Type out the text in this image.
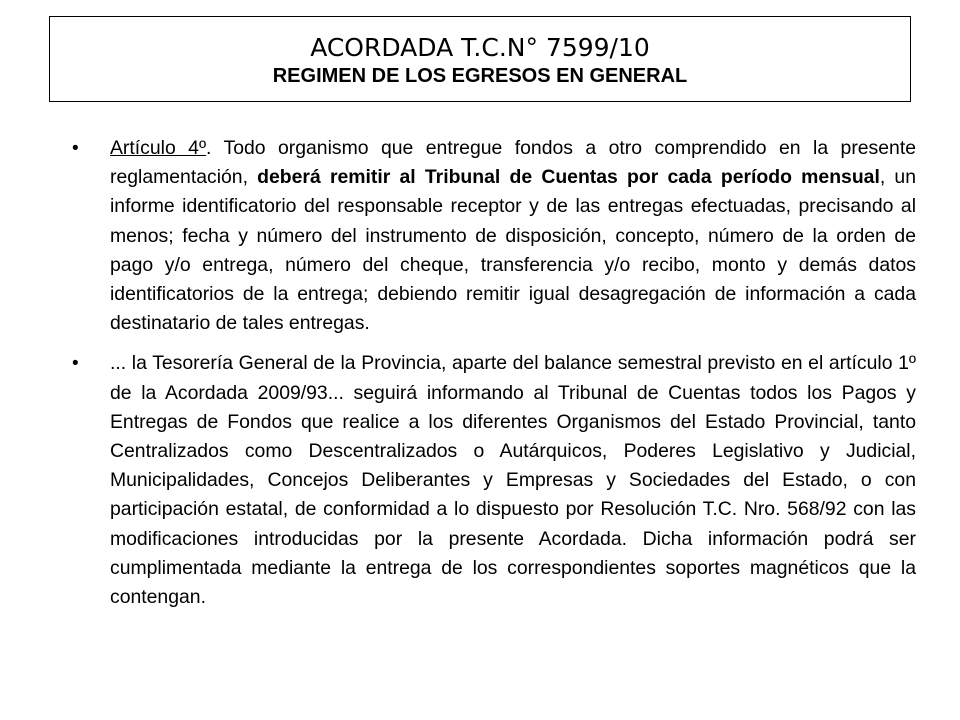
ACORDADA T.C.N° 7599/10
REGIMEN DE LOS EGRESOS EN GENERAL
• Artículo 4º. Todo organismo que entregue fondos a otro comprendido en la presente reglamentación, deberá remitir al Tribunal de Cuentas por cada período mensual, un informe identificatorio del responsable receptor y de las entregas efectuadas, precisando al menos; fecha y número del instrumento de disposición, concepto, número de la orden de pago y/o entrega, número del cheque, transferencia y/o recibo, monto y demás datos identificatorios de la entrega; debiendo remitir igual desagregación de información a cada destinatario de tales entregas.
• ... la Tesorería General de la Provincia, aparte del balance semestral previsto en el artículo 1º de la Acordada 2009/93... seguirá informando al Tribunal de Cuentas todos los Pagos y Entregas de Fondos que realice a los diferentes Organismos del Estado Provincial, tanto Centralizados como Descentralizados o Autárquicos, Poderes Legislativo y Judicial, Municipalidades, Concejos Deliberantes y Empresas y Sociedades del Estado, o con participación estatal, de conformidad a lo dispuesto por Resolución T.C. Nro. 568/92 con las modificaciones introducidas por la presente Acordada. Dicha información podrá ser cumplimentada mediante la entrega de los correspondientes soportes magnéticos que la contengan.
